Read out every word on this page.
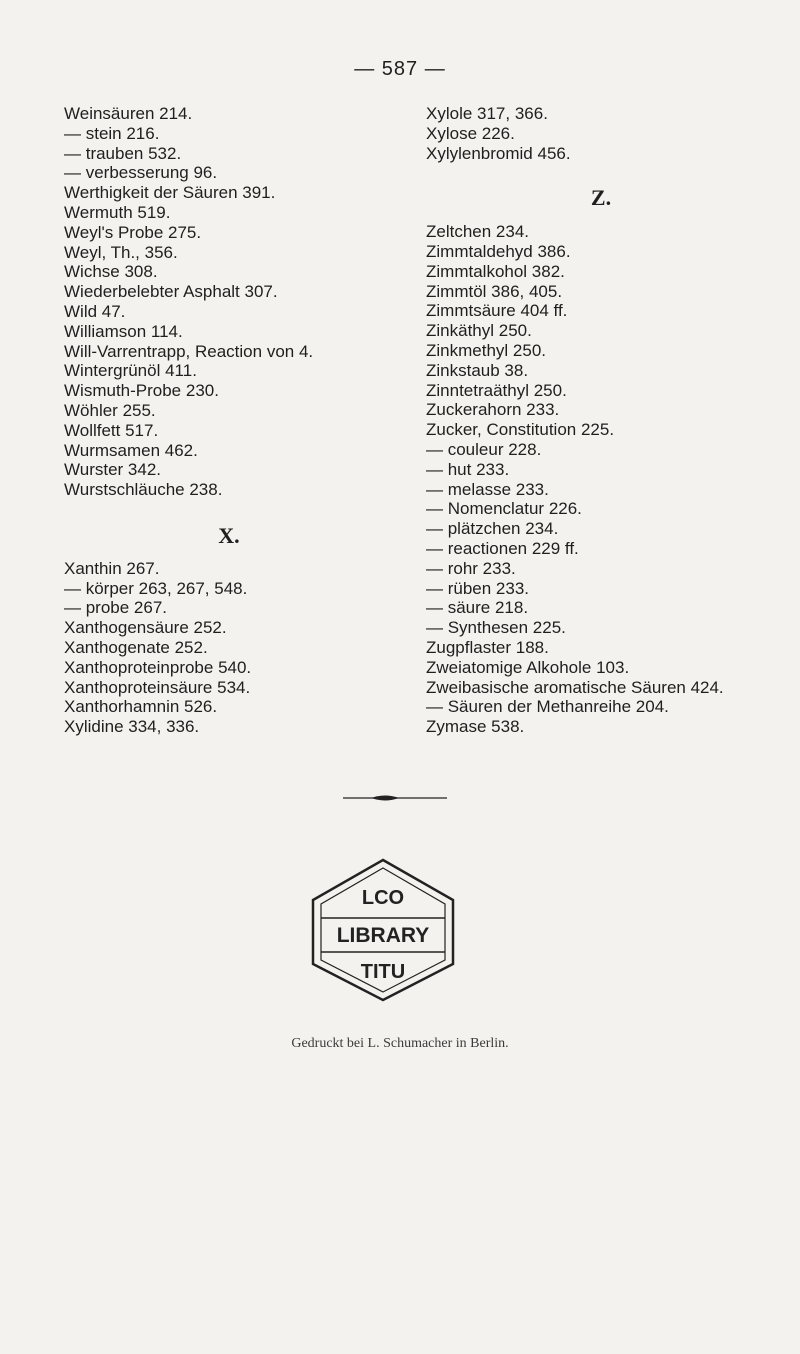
— 587 —
Weinsäuren 214.
— stein 216.
— trauben 532.
— verbesserung 96.
Werthigkeit der Säuren 391.
Wermuth 519.
Weyl's Probe 275.
Weyl, Th., 356.
Wichse 308.
Wiederbelebter Asphalt 307.
Wild 47.
Williamson 114.
Will-Varrentrapp, Reaction von 4.
Wintergrünöl 411.
Wismuth-Probe 230.
Wöhler 255.
Wollfett 517.
Wurmsamen 462.
Wurster 342.
Wurstschläuche 238.
X.
Xanthin 267.
— körper 263, 267, 548.
— probe 267.
Xanthogensäure 252.
Xanthogenate 252.
Xanthoproteinprobe 540.
Xanthoproteinsäure 534.
Xanthorhamnin 526.
Xylidine 334, 336.
Xylole 317, 366.
Xylose 226.
Xylylenbromid 456.
Z.
Zeltchen 234.
Zimmtaldehyd 386.
Zimmtalkohol 382.
Zimmtöl 386, 405.
Zimmtsäure 404 ff.
Zinkäthyl 250.
Zinkmethyl 250.
Zinkstaub 38.
Zinntetraäthyl 250.
Zuckerahorn 233.
Zucker, Constitution 225.
— couleur 228.
— hut 233.
— melasse 233.
— Nomenclatur 226.
— plätzchen 234.
— reactionen 229 ff.
— rohr 233.
— rüben 233.
— säure 218.
— Synthesen 225.
Zugpflaster 188.
Zweiatomige Alkohole 103.
Zweibasische aromatische Säuren 424.
— Säuren der Methanreihe 204.
Zymase 538.
LCO
LIBRARY
TITU
Gedruckt bei L. Schumacher in Berlin.
